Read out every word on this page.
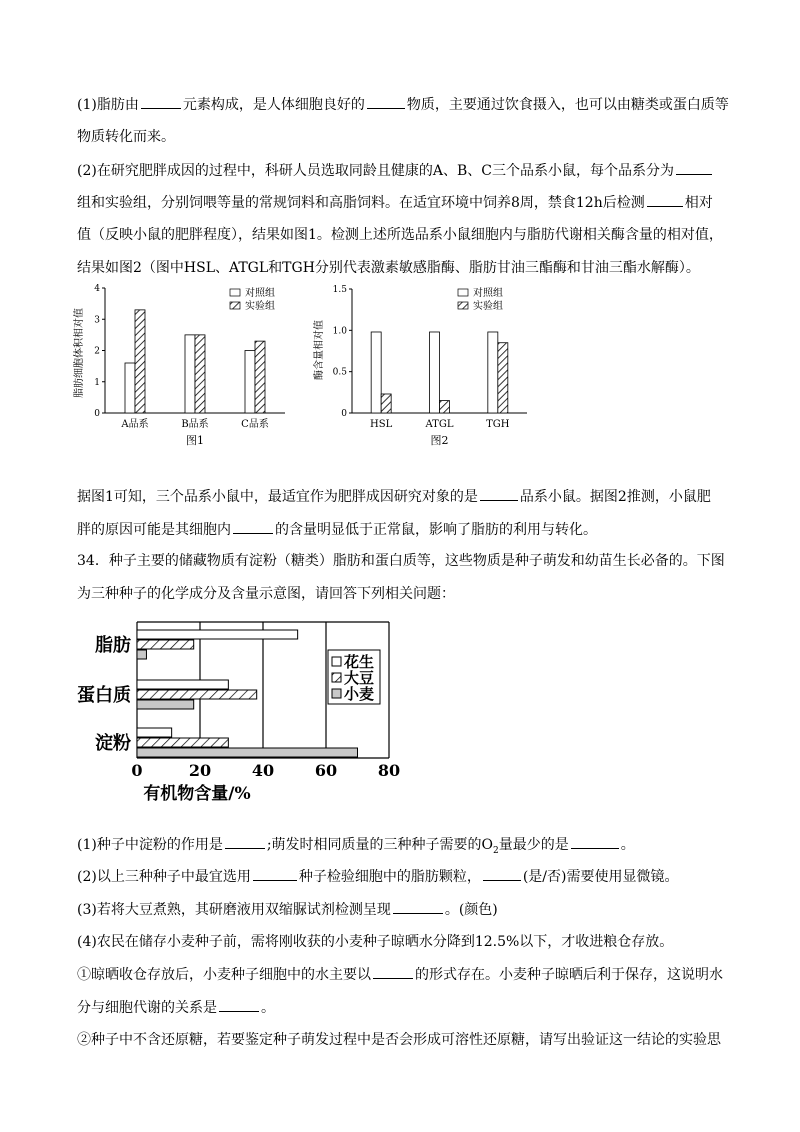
(1)脂肪由	元素构成，是人体细胞良好的	物质，主要通过饮食摄入，也可以由糖类或蛋白质等
物质转化而来。
(2)在研究肥胖成因的过程中，科研人员选取同龄且健康的A、B、C三个品系小鼠，每个品系分为
组和实验组，分别饲喂等量的常规饲料和高脂饲料。在适宜环境中饲养8周，禁食12h后检测	相对
值（反映小鼠的肥胖程度），结果如图1。检测上述所选品系小鼠细胞内与脂肪代谢相关酶含量的相对值，
结果如图2（图中HSL、ATGL和TGH分别代表激素敏感脂酶、脂肪甘油三酯酶和甘油三酯水解酶）。
脂肪细胞体积相对值
0
1
2
3
4
A品系	B品系	C品系
对照组
实验组
图1
酶含量相对值
0
0.5
1.0
1.5
HSL	ATGL	TGH
对照组
实验组
图2
据图1可知，三个品系小鼠中，最适宜作为肥胖成因研究对象的是	品系小鼠。据图2推测，小鼠肥
胖的原因可能是其细胞内	的含量明显低于正常鼠，影响了脂肪的利用与转化。
34．种子主要的储藏物质有淀粉（糖类）脂肪和蛋白质等，这些物质是种子萌发和幼苗生长必备的。下图
为三种种子的化学成分及含量示意图，请回答下列相关问题：
0	20	40	60	80
有机物含量/%
脂肪
蛋白质
淀粉
花生
大豆
小麦
(1)种子中淀粉的作用是	;萌发时相同质量的三种种子需要的$O_2$量最少的是	。
(2)以上三种种子中最宜选用	种子检验细胞中的脂肪颗粒，	(是/否)需要使用显微镜。
(3)若将大豆煮熟，其研磨液用双缩脲试剂检测呈现	。(颜色)
(4)农民在储存小麦种子前，需将刚收获的小麦种子晾晒水分降到12.5%以下，才收进粮仓存放。
①晾晒收仓存放后，小麦种子细胞中的水主要以	的形式存在。小麦种子晾晒后利于保存，这说明水
分与细胞代谢的关系是	。
②种子中不含还原糖，若要鉴定种子萌发过程中是否会形成可溶性还原糖，请写出验证这一结论的实验思
